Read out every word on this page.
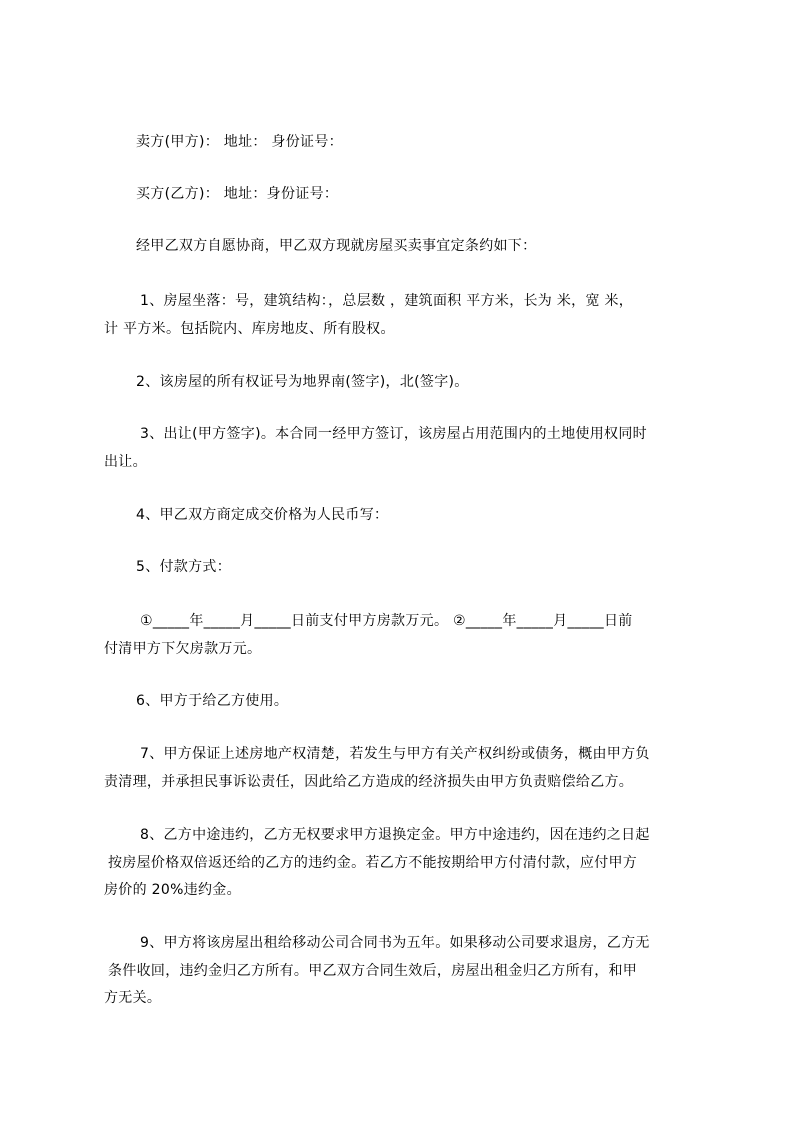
卖方(甲方)： 地址： 身份证号：
买方(乙方)： 地址：身份证号：
经甲乙双方自愿协商，甲乙双方现就房屋买卖事宜定条约如下：
1、房屋坐落：号，建筑结构：，总层数 ，建筑面积 平方米，长为 米，宽 米，
计 平方米。包括院内、库房地皮、所有股权。
2、该房屋的所有权证号为地界南(签字)，北(签字)。
3、出让(甲方签字)。本合同一经甲方签订，该房屋占用范围内的土地使用权同时
出让。
4、甲乙双方商定成交价格为人民币写：
5、付款方式：
①_____年_____月_____日前支付甲方房款万元。 ②_____年_____月_____日前
付清甲方下欠房款万元。
6、甲方于给乙方使用。
7、甲方保证上述房地产权清楚，若发生与甲方有关产权纠纷或债务，概由甲方负
责清理，并承担民事诉讼责任，因此给乙方造成的经济损失由甲方负责赔偿给乙方。
8、乙方中途违约，乙方无权要求甲方退换定金。甲方中途违约，因在违约之日起
按房屋价格双倍返还给的乙方的违约金。若乙方不能按期给甲方付清付款，应付甲方
房价的 20%违约金。
9、甲方将该房屋出租给移动公司合同书为五年。如果移动公司要求退房，乙方无
条件收回，违约金归乙方所有。甲乙双方合同生效后，房屋出租金归乙方所有，和甲
方无关。
